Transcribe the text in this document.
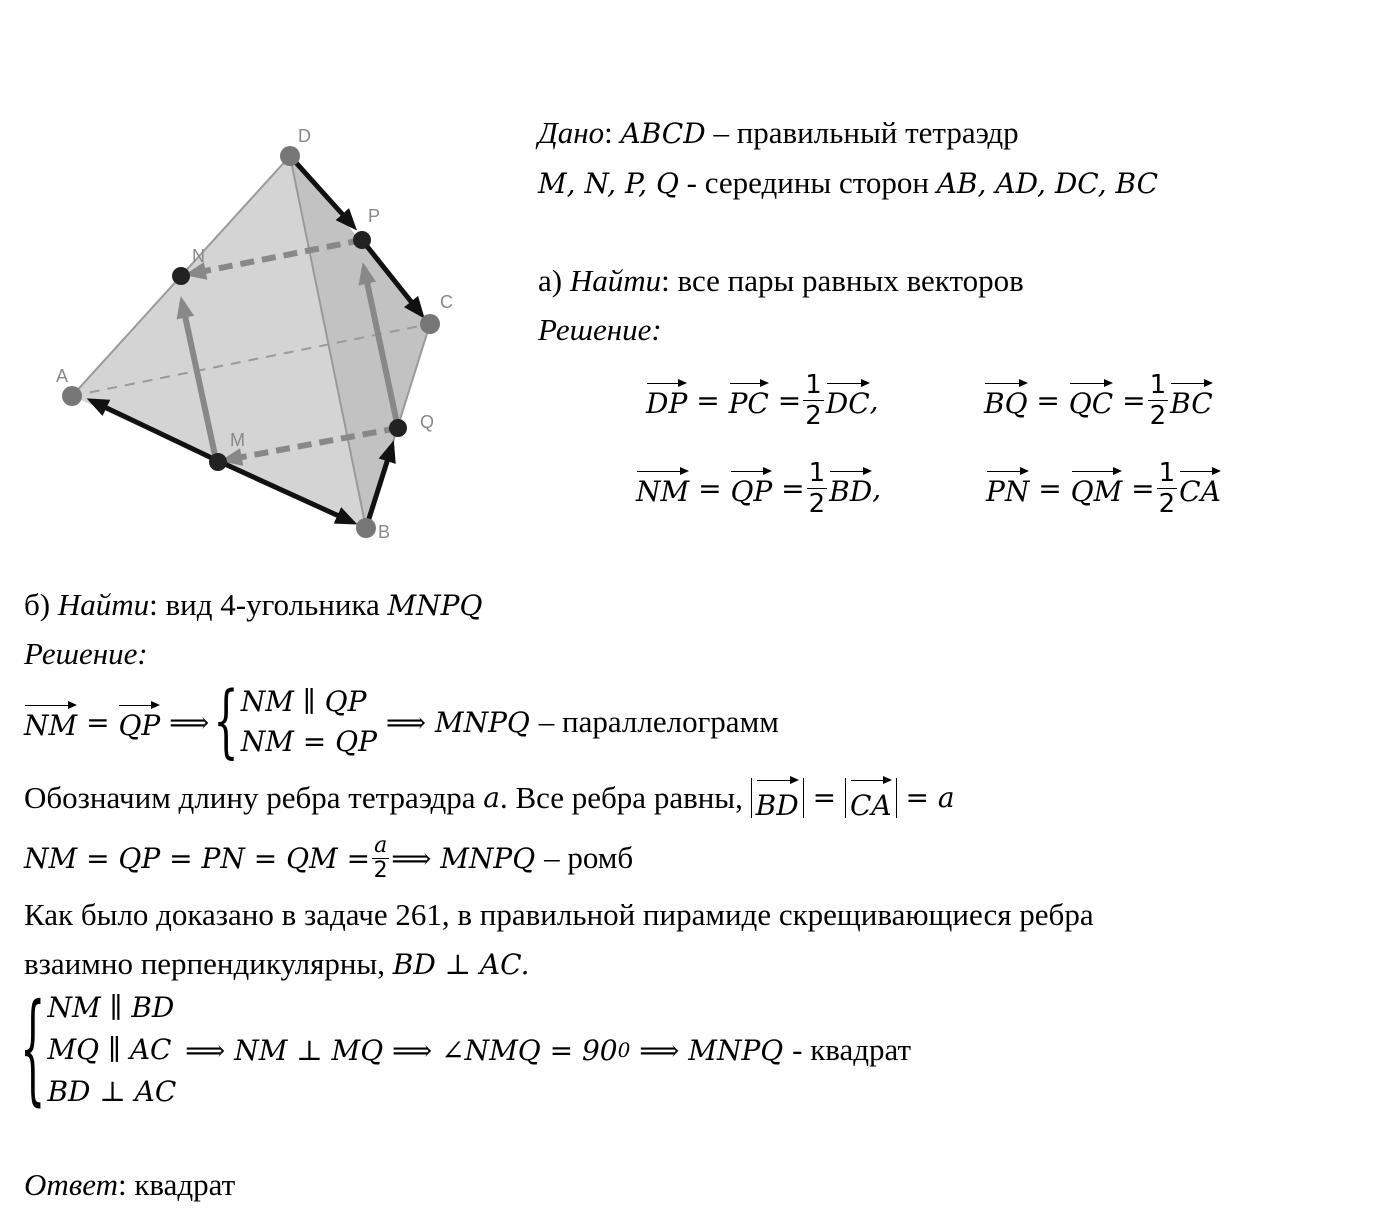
A
B
C
D
M
N
P
Q
Дано: ABCD – правильный тетраэдр
M, N, P, Q - середины сторон AB, AD, DC, BC
а) Найти: все пары равных векторов
Решение:
DP = PC = $\frac{1}{2}$ DC ,	BQ = QC = $\frac{1}{2}$ BC
NM = QP = $\frac{1}{2}$ BD ,	PN = QM = $\frac{1}{2}$ CA
б) Найти: вид 4-угольника MNPQ
Решение:
NM = QP ⟹ { NM ∥ QP
NM = QP
⟹ MNPQ
– параллелограмм
Обозначим длину ребра тетраэдра
a . Все ребра равны,
BD = CA
= a
NM = QP = PN = QM = $\frac{a}{2}$ ⟹ MNPQ
– ромб
Как было доказано в задаче 261, в правильной пирамиде скрещивающиеся ребра
взаимно перпендикулярны, BD ⊥ AC.
{ NM ∥ BD
MQ ∥ AC
BD ⊥ AC
⟹ NM ⊥ MQ ⟹ ∠NMQ = 90 0 ⟹ MNPQ
- квадрат
Ответ: квадрат
